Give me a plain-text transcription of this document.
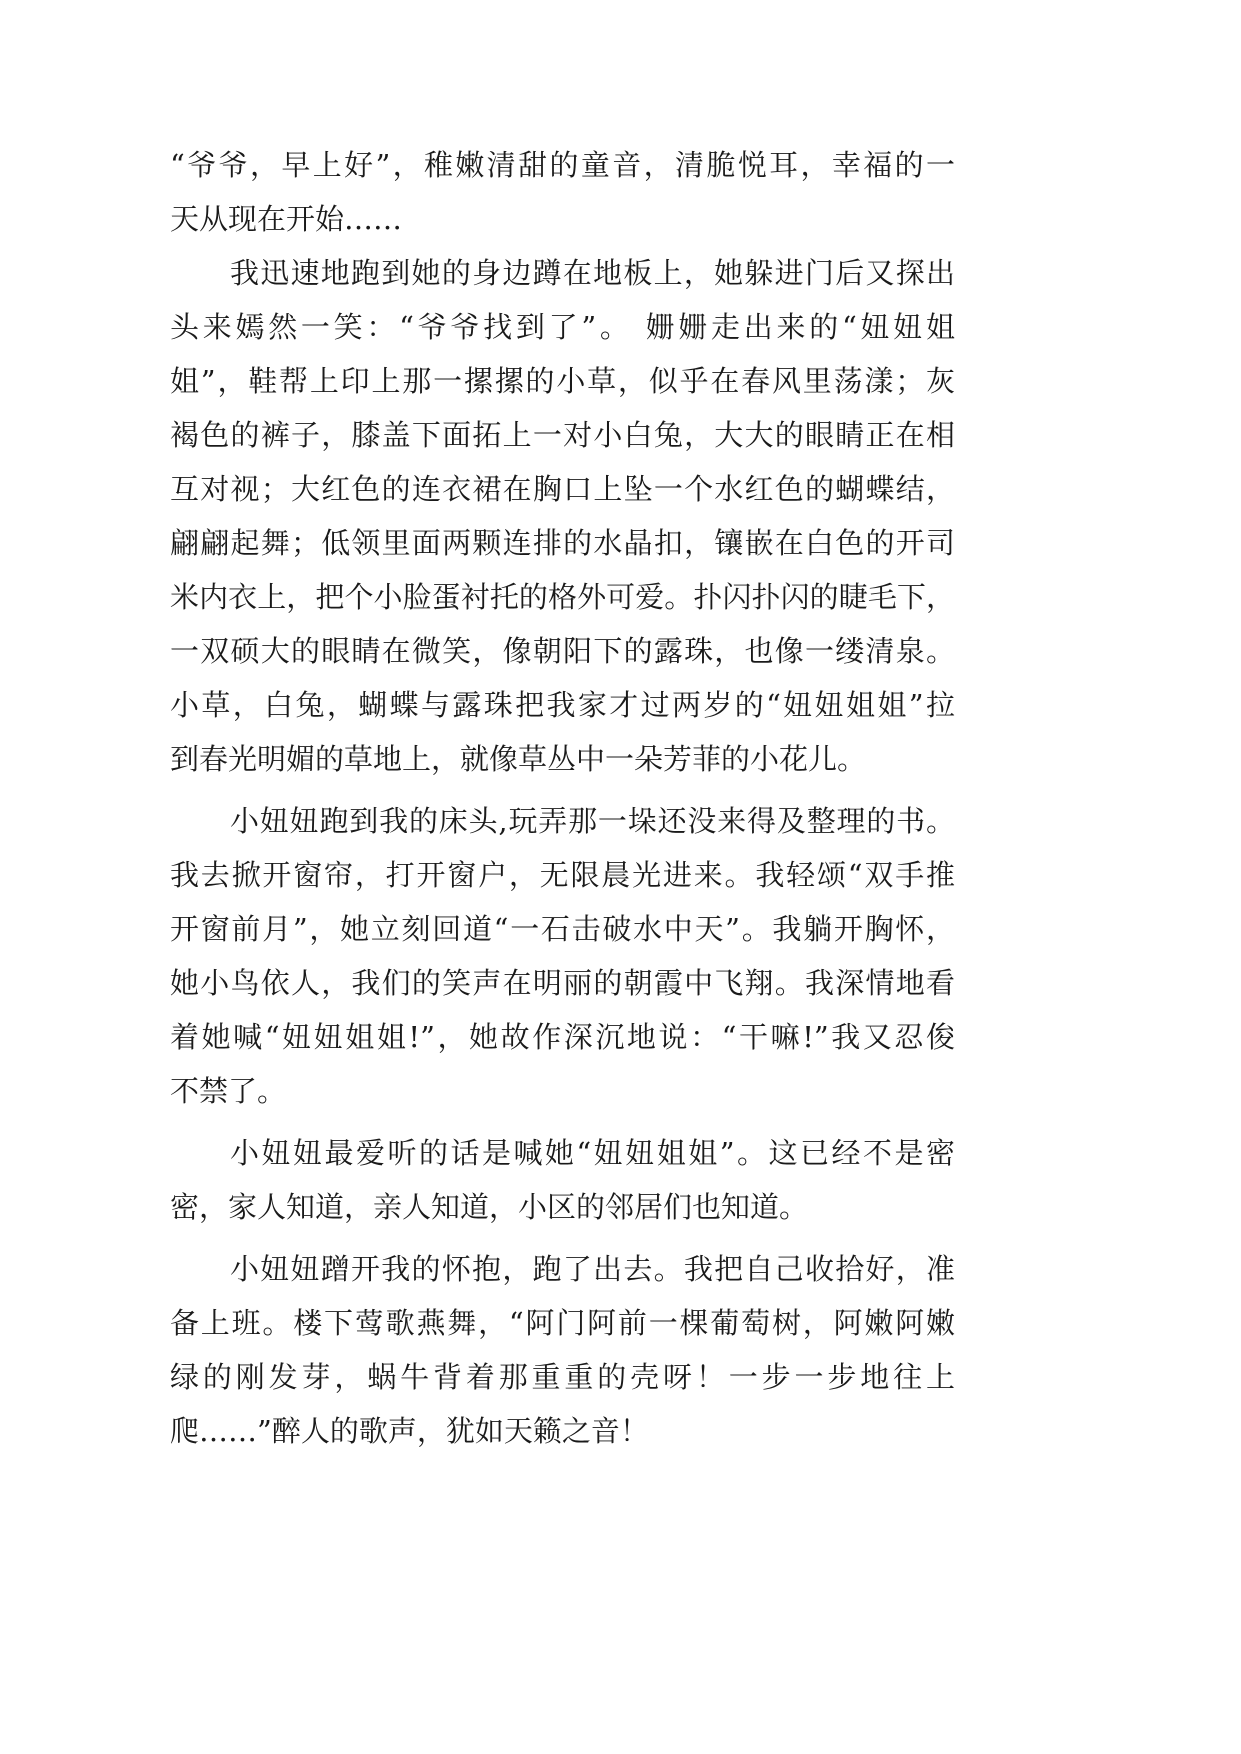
“爷爷，早上好”，稚嫩清甜的童音，清脆悦耳，幸福的一
天从现在开始……
我迅速地跑到她的身边蹲在地板上，她躲进门后又探出
头来嫣然一笑：“爷爷找到了”。 姗姗走出来的“妞妞姐
姐”，鞋帮上印上那一摞摞的小草，似乎在春风里荡漾；灰
褐色的裤子，膝盖下面拓上一对小白兔，大大的眼睛正在相
互对视；大红色的连衣裙在胸口上坠一个水红色的蝴蝶结，
翩翩起舞；低领里面两颗连排的水晶扣，镶嵌在白色的开司
米内衣上，把个小脸蛋衬托的格外可爱。扑闪扑闪的睫毛下，
一双硕大的眼睛在微笑，像朝阳下的露珠，也像一缕清泉。
小草，白兔，蝴蝶与露珠把我家才过两岁的“妞妞姐姐”拉
到春光明媚的草地上，就像草丛中一朵芳菲的小花儿。
小妞妞跑到我的床头,玩弄那一垛还没来得及整理的书。
我去掀开窗帘，打开窗户，无限晨光进来。我轻颂“双手推
开窗前月”，她立刻回道“一石击破水中天”。我躺开胸怀，
她小鸟依人，我们的笑声在明丽的朝霞中飞翔。我深情地看
着她喊“妞妞姐姐!”，她故作深沉地说：“干嘛!”我又忍俊
不禁了。
小妞妞最爱听的话是喊她“妞妞姐姐”。这已经不是密
密，家人知道，亲人知道，小区的邻居们也知道。
小妞妞蹭开我的怀抱，跑了出去。我把自己收拾好，准
备上班。楼下莺歌燕舞，“阿门阿前一棵葡萄树，阿嫩阿嫩
绿的刚发芽，蜗牛背着那重重的壳呀！一步一步地往上
爬……”醉人的歌声，犹如天籁之音！
